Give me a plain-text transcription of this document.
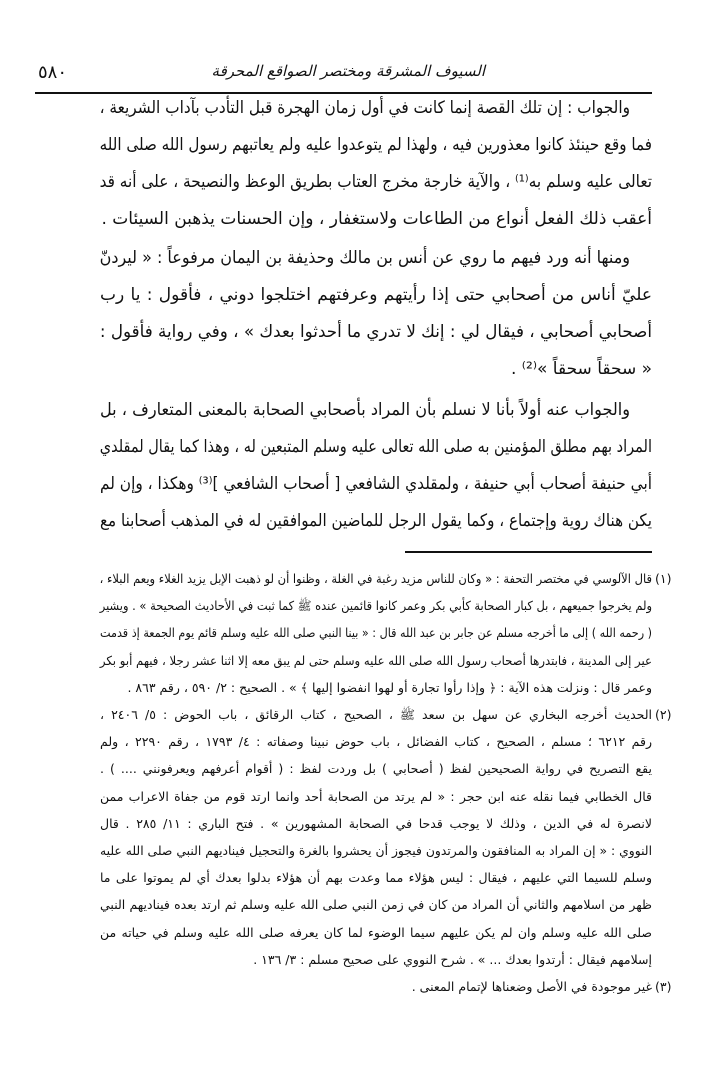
السيوف المشرقة ومختصر الصواقع المحرقة
٥٨٠
والجواب : إن تلك القصة إنما كانت في أول زمان الهجرة قبل التأدب بآداب الشريعة ،
فما وقع حينئذ كانوا معذورين فيه ، ولهذا لم يتوعدوا عليه ولم يعاتبهم رسول الله صلى الله
تعالى عليه وسلم به⁽¹⁾ ، والآية خارجة مخرج العتاب بطريق الوعظ والنصيحة ، على أنه قد
أعقب ذلك الفعل أنواع من الطاعات ولاستغفار ، وإن الحسنات يذهبن السيئات .
ومنها أنه ورد فيهم ما روي عن أنس بن مالك وحذيفة بن اليمان مرفوعاً : « ليردنّ
عليّ أناس من أصحابي حتى إذا رأيتهم وعرفتهم اختلجوا دوني ، فأقول : يا رب
أصحابي أصحابي ، فيقال لي : إنك لا تدري ما أحدثوا بعدك » ، وفي رواية فأقول :
« سحقاً سحقاً »⁽²⁾ .
والجواب عنه أولاً بأنا لا نسلم بأن المراد بأصحابي الصحابة بالمعنى المتعارف ، بل
المراد بهم مطلق المؤمنين به صلى الله تعالى عليه وسلم المتبعين له ، وهذا كما يقال لمقلدي
أبي حنيفة أصحاب أبي حنيفة ، ولمقلدي الشافعي [ أصحاب الشافعي ]⁽³⁾ وهكذا ، وإن لم
يكن هناك روية وإجتماع ، وكما يقول الرجل للماضين الموافقين له في المذهب أصحابنا مع
(١)
قال الآلوسي في مختصر التحفة : « وكان للناس مزيد رغبة في الغلة ، وظنوا أن لو ذهبت الإبل يزيد الغلاء ويعم البلاء ،
ولم يخرجوا جميعهم ، بل كبار الصحابة كأبي بكر وعمر كانوا قائمين عنده ﷺ كما ثبت في الأحاديث الصحيحة » . ويشير
( رحمه الله ) إلى ما أخرجه مسلم عن جابر بن عبد الله قال : « بينا النبي صلى الله عليه وسلم قائم يوم الجمعة إذ قدمت
عير إلى المدينة ، فابتدرها أصحاب رسول الله صلى الله عليه وسلم حتى لم يبق معه إلا اثنا عشر رجلا ، فيهم أبو بكر
وعمر قال : ونزلت هذه الآية : ﴿ وإذا رأوا تجارة أو لهوا انفضوا إليها ﴾ » . الصحيح : ٢/ ٥٩٠ ، رقم ٨٦٣ .
(٢)
الحديث أخرجه البخاري عن سهل بن سعد ﷺ ، الصحيح ، كتاب الرقائق ، باب الحوض : ٥/ ٢٤٠٦ ،
رقم ٦٢١٢ ؛ مسلم ، الصحيح ، كتاب الفضائل ، باب حوض نبينا وصفاته : ٤/ ١٧٩٣ ، رقم ٢٢٩٠ ، ولم
يقع التصريح في رواية الصحيحين لفظ ( أصحابي ) بل وردت لفظ : ( أقوام أعرفهم ويعرفونني .... ) .
قال الخطابي فيما نقله عنه ابن حجر : « لم يرتد من الصحابة أحد وانما ارتد قوم من جفاة الاعراب ممن
لانصرة له في الدين ، وذلك لا يوجب قدحا في الصحابة المشهورين » . فتح الباري : ١١/ ٢٨٥ . قال
النووي : « إن المراد به المنافقون والمرتدون فيجوز أن يحشروا بالغرة والتحجيل فيناديهم النبي صلى الله عليه
وسلم للسيما التي عليهم ، فيقال : ليس هؤلاء مما وعدت بهم أن هؤلاء بدلوا بعدك أي لم يموتوا على ما
ظهر من اسلامهم والثاني أن المراد من كان في زمن النبي صلى الله عليه وسلم ثم ارتد بعده فيناديهم النبي
صلى الله عليه وسلم وان لم يكن عليهم سيما الوضوء لما كان يعرفه صلى الله عليه وسلم في حياته من
إسلامهم فيقال : أرتدوا بعدك ... » . شرح النووي على صحيح مسلم : ٣/ ١٣٦ .
(٣)
غير موجودة في الأصل وضعناها لإتمام المعنى .
